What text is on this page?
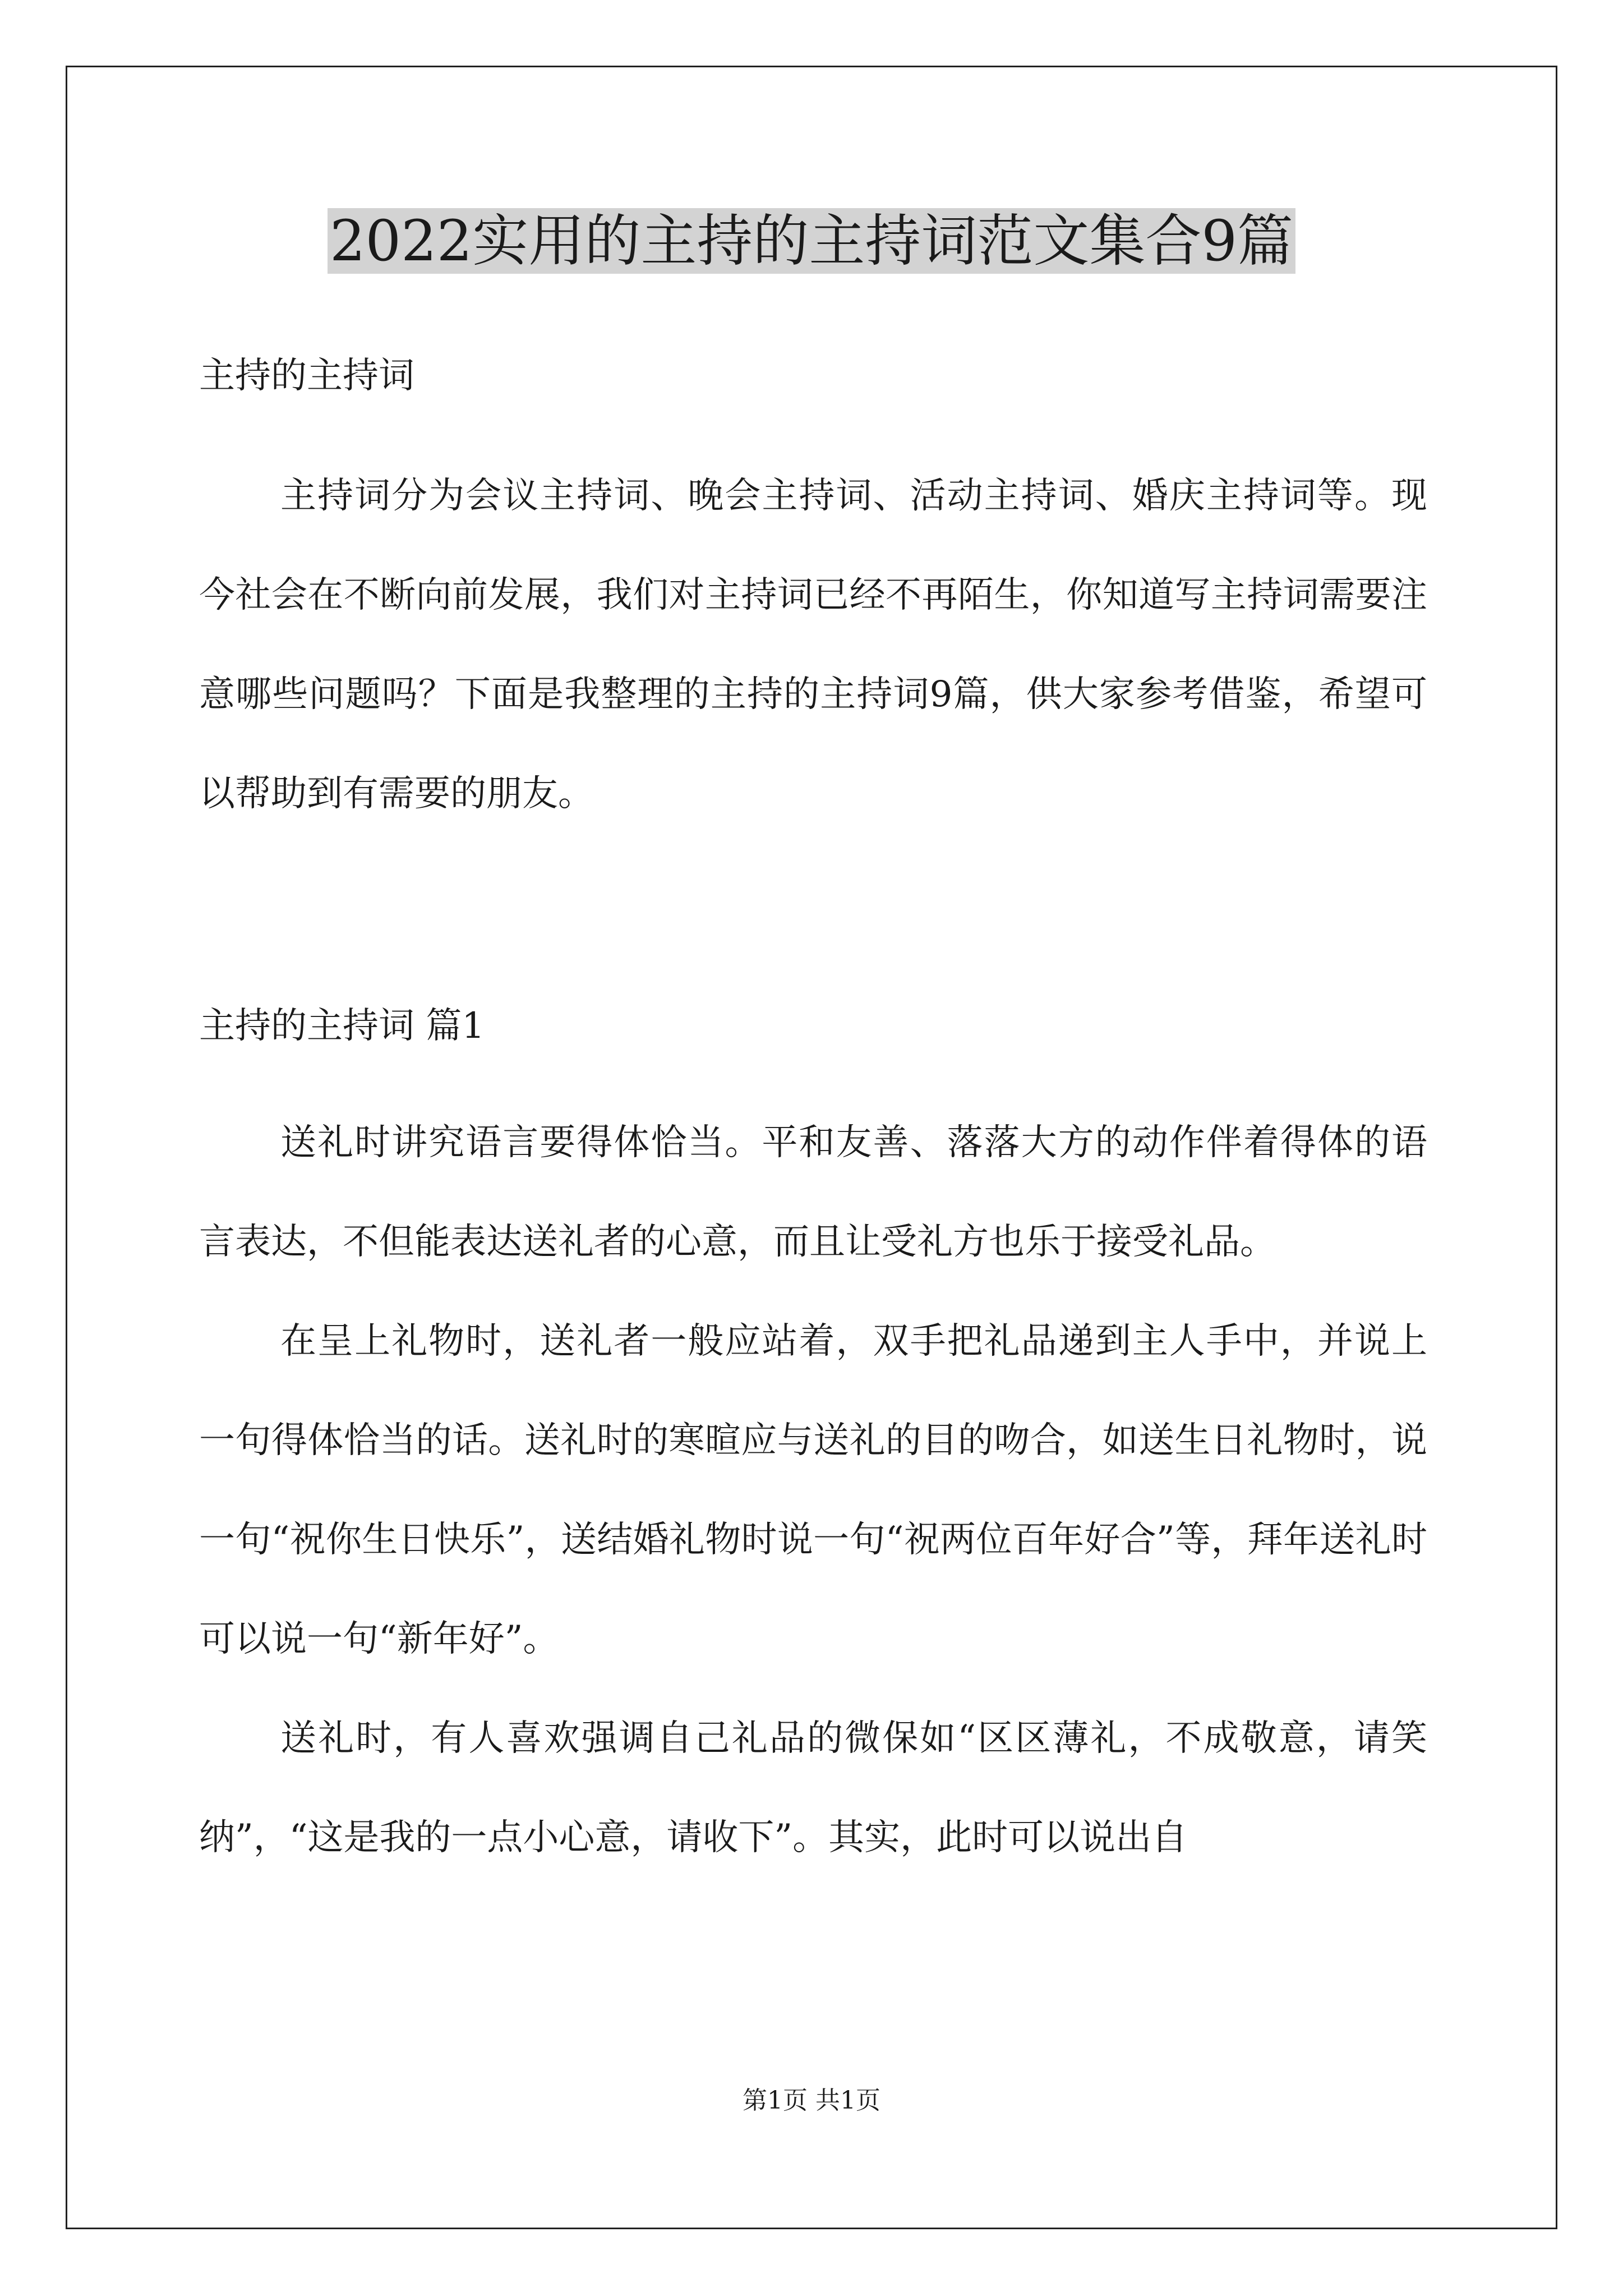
2022实用的主持的主持词范文集合9篇

主持的主持词

主持词分为会议主持词、晚会主持词、活动主持词、婚庆主持词等。现今社会在不断向前发展，我们对主持词已经不再陌生，你知道写主持词需要注意哪些问题吗？下面是我整理的主持的主持词9篇，供大家参考借鉴，希望可以帮助到有需要的朋友。

主持的主持词 篇1

送礼时讲究语言要得体恰当。平和友善、落落大方的动作伴着得体的语言表达，不但能表达送礼者的心意，而且让受礼方也乐于接受礼品。

在呈上礼物时，送礼者一般应站着，双手把礼品递到主人手中，并说上一句得体恰当的话。送礼时的寒暄应与送礼的目的吻合，如送生日礼物时，说一句“祝你生日快乐”，送结婚礼物时说一句“祝两位百年好合”等，拜年送礼时可以说一句“新年好”。

送礼时，有人喜欢强调自己礼品的微保如“区区薄礼，不成敬意，请笑纳”，“这是我的一点小心意，请收下”。其实，此时可以说出自

第1页 共1页
